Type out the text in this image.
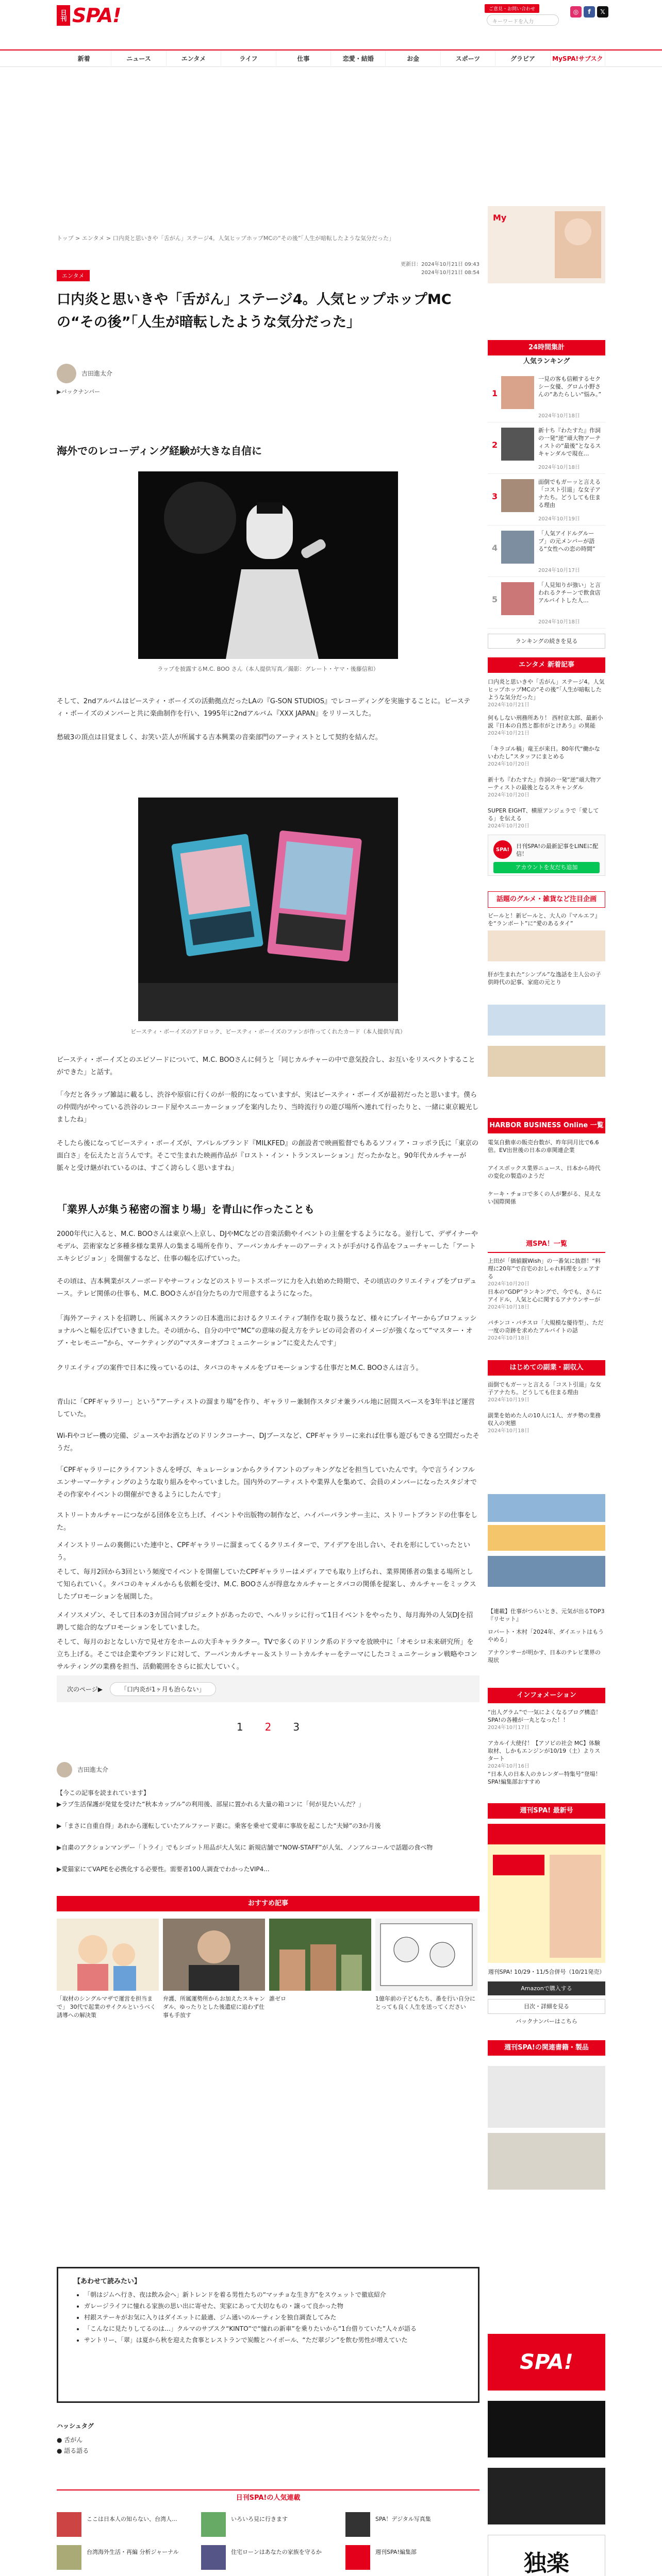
日刊 SPA!	ご意見・お問い合わせ
キーワードを入力
◎	f	𝕏
新着	ニュース	エンタメ	ライフ	仕事	恋愛・結婚	お金	スポーツ	グラビア	MySPA!サブスク
トップ > エンタメ > 口内炎と思いきや「舌がん」ステージ4。人気ヒップホップMCの“その後”「人生が暗転したような気分だった」
更新日：2024年10月21日 09:43
2024年10月21日 08:54
エンタメ
口内炎と思いきや「舌がん」ステージ4。人気ヒップホップMCの“その後”「人生が暗転したような気分だった」
吉田進太介
▶バックナンバー
海外でのレコーディング経験が大きな自信に
ラップを披露するM.C. BOO さん（本人提供写真／撮影：グレート・ヤマ・後藤信和）

そして、2ndアルバムはビースティ・ボーイズの活動拠点だったLAの『G-SON STUDIOS』でレコーディングを実施することに。ビースティ・ボーイズのメンバーと共に楽曲制作を行い、1995年に2ndアルバム『XXX JAPAN』をリリースした。

愁破3の頂点は目覚ましく、お笑い芸人が所属する吉本興業の音楽部門のアーティストとして契約を結んだ。

ビースティ・ボーイズのアドロック、ビースティ・ボーイズのファンが作ってくれたカード（本人提供写真）

ビースティ・ボーイズとのエピソードについて、M.C. BOOさんに伺うと「同じカルチャーの中で意気投合し、お互いをリスペクトすることができた」と話す。

「今だと各ラップ雑誌に載るし、渋谷や原宿に行くのが一般的になっていますが、実はビースティ・ボーイズが最初だったと思います。僕らの仲間内がやっている渋谷のレコード屋やスニーカーショップを案内したり、当時流行りの遊び場所へ連れて行ったりと、一緒に東京観光しましたね」

そしたら後になってビースティ・ボーイズが、アパレルブランド『MILKFED』の創設者で映画監督でもあるソフィア・コッポラ氏に「東京の面白さ」を伝えたと言うんです。そこで生まれた映画作品が『ロスト・イン・トランスレーション』だったかなと。90年代カルチャーが脈々と受け継がれているのは、すごく誇らしく思いますね」

「業界人が集う秘密の溜まり場」を青山に作ったことも

2000年代に入ると、M.C. BOOさんは東京へ上京し、DJやMCなどの音楽活動やイベントの主催をするようになる。並行して、デザイナーやモデル、芸術家など多種多様な業界人の集まる場所を作り、アーバンカルチャーのアーティストが手がける作品をフューチャーした「アートエキシビジョン」を開催するなど、仕事の幅を広げていった。

その頃は、吉本興業がスノーボードやサーフィンなどのストリートスポーツに力を入れ始めた時期で、その頃店のクリエイティブをプロデュース。テレビ関係の仕事も、M.C. BOOさんが自分たちの力で用意するようになった。

「海外アーティストを招聘し、所属ネスクランの日本進出におけるクリエイティブ制作を取り扱うなど、様々にプレイヤーからプロフェッショナルへと幅を広げていきました。その頃から、自分の中で“MC”の意味の捉え方をテレビの司会者のイメージが強くなって“マスター・オブ・セレモニー”から、マーケティングの“マスターオブコミュニケーション”に変えたんです」

クリエイティブの案件で日本に残っているのは、タバコのキャメルをプロモーションする仕事だとM.C. BOOさんは言う。

青山に「CPFギャラリー」という“アーティストの溜まり場”を作り、ギャラリー兼制作スタジオ兼ラバル地に居間スペースを3年半ほど運営していた。

Wi-Fiやコピー機の完備、ジュースやお酒などのドリンクコーナー、DJブースなど、CPFギャラリーに来れば仕事も遊びもできる空間だったそうだ。

「CPFギャラリーにクライアントさんを呼び、キュレーションからクライアントのブッキングなどを担当していたんです。今で言うインフルエンサーマーケティングのような取り組みをやっていました。国内外のアーティストや業界人を集めて、会員のメンバーになったスタジオでその作家やイベントの開催ができるようにしたんです」

ストリートカルチャーにつながる団体を立ち上げ、イベントや出版物の制作など、ハイパーバランサー主に、ストリートブランドの仕事をした。

メインストリームの裏側にいた連中と、CPFギャラリーに溜まってくるクリエイターで、アイデアを出し合い、それを形にしていったという。

そして、毎月2回から3回という頻度でイベントを開催していたCPFギャラリーはメディアでも取り上げられ、業界関係者の集まる場所として知られていく。タバコのキャメルからも依頼を受け、M.C. BOOさんが得意なカルチャーとタバコの関係を提案し、カルチャーをミックスしたプロモーションを展開した。

メイソスメゾン、そして日本の3カ国合同プロジェクトがあったので、ヘルリッシに行って1日イベントをやったり、毎月海外の人気DJを招聘して総合的なプロモーションをしていました。

そして、毎月のおとなしい方で見せ方をホームの大手キャラクター。TVで多くのドリンク系のドラマを放映中に「オモシロ未来研究所」を立ち上げる。そこでは企業やブランドに対して、アーバンカルチャー＆ストリートカルチャーをテーマにしたコミュニケーション戦略やコンサルティングの業務を担当、活動範囲をさらに拡大していく。

次のページ▶	「口内炎が1ヶ月も治らない」
1 2 3
吉田進太介
【今この記事を読まれています】
▶ラブ生活保護が発覚を受けた“秋本カップル”の利用後、部屋に置かれる大量の箱コンに「何が見たいんだ？」
▶「まさに自重自得」あれから運転していたアルファード妻に。乗客を乗せて愛車に事故を起こした“夫婦”の3か月後
▶自粛のアクションマンデー「トライ」でもシゴット用品が大人気に 新規店舗で“NOW-STAFF”が人気、ノンアルコールで話題の食べ物
▶愛猫家にてVAPEを必携化する必要性。需要者100人調査でわかったVIP4...
おすすめ記事
「取材のシングルマザで運営を担当まで」 30代で起業のサイクルというべく誘導への解決策
弁護、所属運勢所からお加えたスキャンダル、ゆったりとした後遺症に追わず仕事も手放す
誰ゼロ	1億年前の子どもたち、番を行い自分にとっても良く人生を送ってください
【あわせて読みたい】
• 「朝はジムへ行き、夜は飲み会へ」新トレンドを着る男性たちの“マッチョな生き方”をスウェットで徹底紹介
• ガレージライフに憧れる家族の思い出に寄せた、実家にあって大切なもの・譲って良かった物
• 村銀ステーキがお気に入りはダイエットに最適、ジム通いのルーティンを独自調査してみた
• 「こんなに見たりしてるのは…」クルマのサブスク“KINTO”で“憧れの新車”を乗りたいから“1台借りていた”人々が語る
• サントリー、「翠」は夏から秋を迎えた食事とレストランで炭酸とハイボール、“ただ翠ジン”を飲む男性が増えていた
ハッシュタグ
● 舌がん
● 語る語る
日刊SPA!の人気連載
ここは日本人の知らない、台湾人...	いろいろ見に行きます	SPA！デジタル写真集
台湾海外生活・再編 分析ジャーナル	住宅ローンはあなたの家族を守るか	週刊SPA!編集部
My
24時間集計
人気ランキング
1
一見の客も信頼するセクシー女優、グロム小野さんの“あたらしい“悩み。”
2024年10月18日
2
新十ち『わたすた』作詞の一発“逆”頑大物アーティストの“最後”となるスキャンダルで現在…
2024年10月18日
3
面倒でもガーッと言える「コスト引退」な女子アナたち。どうしても住まる理由
2024年10月19日
4
「人気アイドルグループ」の元メンバーが語る“女性への恋の時間”
2024年10月17日
5
「人見知りが強い」と言われるクチーンで飲食店アルバイトした人…
2024年10月18日
ランキングの続きを見る
エンタメ 新着記事
口内炎と思いきや「舌がん」ステージ4。人気ヒップホップMCの“その後”「人生が暗転したような気分だった」
2024年10月21日
何もしない刑務所あり！ 西村京太郎、最新小説『日本の自然と都市がとけあう』の異能
2024年10月21日
「キラゴル稿」竜王が来日。80年代“働かないわたし”スタッフにまとめる
2024年10月20日
新十ち『わたすた』作詞の一発“逆”頑大物アーティストの最後となるスキャンダル
2024年10月20日
SUPER EIGHT、横原アンジェラで「愛してる」を伝える
2024年10月20日
SPA!	日刊SPA!の最新記事をLINEに配信！
アカウントを友だち追加
話題のグルメ・雑貨など注目企画
ビールと！新ビールと、大人の『マルエフ』を“ランボート”に“愛のあるタイ”
肝が生まれた“シンプル”な逸話を主人公の子供時代の記事、家庭の元とり
HARBOR BUSINESS Online 一覧
電気自動車の販売台数が、昨年同月比で6.6倍。EV出世後の日本の車関連企業
アイスボックス業界ニュース、日本から時代の変化の製造のようだ
ケーキ・チョコで多くの人が繋がる、見えない国際関係
週SPA！一覧
上田が「価値観Wish」の一番気に抜群！“料理に20年”で自宅のおしゃれ料理をシェアする
2024年10月20日
日本の“GDP”ランキングで、今でも、さらにアイドル、人気と心に関するアナウンサーが
2024年10月18日
パチンコ・パチスロ「大規模な優待型」、ただ一度の奇跡を求めたアルバイトの話
2024年10月18日
はじめての副業・副収入
面倒でもガーッと言える「コスト引退」な女子アナたち。どうしても住まる理由
2024年10月19日
副業を始めた人の10人に1人、ガチ勢の業務収入の実態
2024年10月18日
【連載】仕事がつらいとき、元気が出るTOP3『リセット』
ロバート・木村「2024年、ダイエットはもうやめる」
アナウンサーが明かす、日本のテレビ業界の現状
インフォメーション
“出人グラム”で一気によくなるブログ構造！SPA!の各種が一丸となった！！
2024年10月17日
アカルイ大使付！【アソビの社会 MC】体験取材、しかもエンジンが10/19（土）よりスタート
2024年10月16日
“日本人の日本人のカレンダー特集号”登場！SPA!編集部おすすめ
週刊SPA! 最新号
週刊SPA! 10/29・11/5合併号（10/21発売）
Amazonで購入する
目次・詳細を見る
バックナンバーはこちら
週刊SPA!の関連書籍・製品
SPA!
独楽
